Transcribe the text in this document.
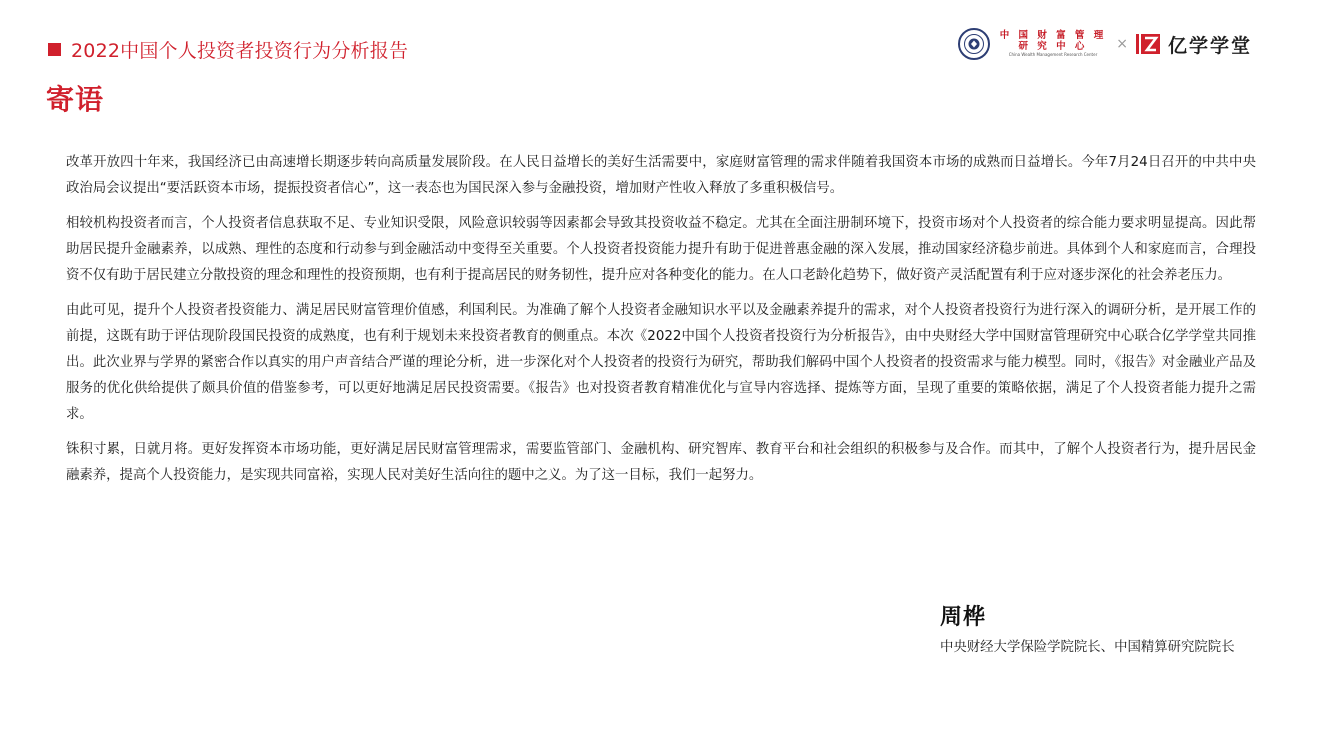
2022中国个人投资者投资行为分析报告
寄语
中 国 财 富 管 理
研 究 中 心
China Wealth Management Research Center
× 亿学学堂

改革开放四十年来，我国经济已由高速增长期逐步转向高质量发展阶段。在人民日益增长的美好生活需要中，家庭财富管理的需求伴随着我国资本市场的成熟而日益增长。今年7月24日召开的中共中央政治局会议提出“要活跃资本市场，提振投资者信心”，这一表态也为国民深入参与金融投资，增加财产性收入释放了多重积极信号。

相较机构投资者而言，个人投资者信息获取不足、专业知识受限，风险意识较弱等因素都会导致其投资收益不稳定。尤其在全面注册制环境下，投资市场对个人投资者的综合能力要求明显提高。因此帮助居民提升金融素养，以成熟、理性的态度和行动参与到金融活动中变得至关重要。个人投资者投资能力提升有助于促进普惠金融的深入发展，推动国家经济稳步前进。具体到个人和家庭而言，合理投资不仅有助于居民建立分散投资的理念和理性的投资预期，也有利于提高居民的财务韧性，提升应对各种变化的能力。在人口老龄化趋势下，做好资产灵活配置有利于应对逐步深化的社会养老压力。

由此可见，提升个人投资者投资能力、满足居民财富管理价值感，利国利民。为准确了解个人投资者金融知识水平以及金融素养提升的需求，对个人投资者投资行为进行深入的调研分析，是开展工作的前提，这既有助于评估现阶段国民投资的成熟度，也有利于规划未来投资者教育的侧重点。本次《2022中国个人投资者投资行为分析报告》，由中央财经大学中国财富管理研究中心联合亿学学堂共同推出。此次业界与学界的紧密合作以真实的用户声音结合严谨的理论分析，进一步深化对个人投资者的投资行为研究，帮助我们解码中国个人投资者的投资需求与能力模型。同时，《报告》对金融业产品及服务的优化供给提供了颇具价值的借鉴参考，可以更好地满足居民投资需要。《报告》也对投资者教育精准优化与宣导内容选择、提炼等方面，呈现了重要的策略依据，满足了个人投资者能力提升之需求。

铢积寸累，日就月将。更好发挥资本市场功能，更好满足居民财富管理需求，需要监管部门、金融机构、研究智库、教育平台和社会组织的积极参与及合作。而其中，了解个人投资者行为，提升居民金融素养，提高个人投资能力，是实现共同富裕，实现人民对美好生活向往的题中之义。为了这一目标，我们一起努力。

周桦
中央财经大学保险学院院长、中国精算研究院院长
